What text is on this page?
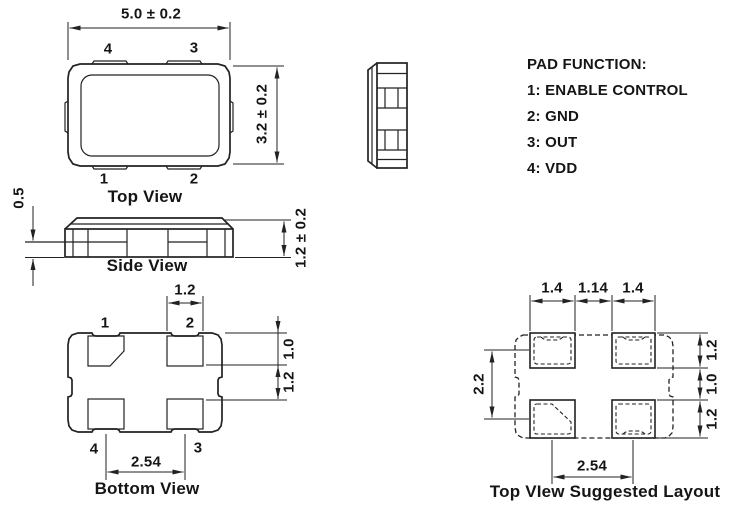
5.0 ± 0.2
3.2 ± 0.2
4	3
1	2
Top View
0.5
1.2 ± 0.2
Side View
PAD FUNCTION:
1: ENABLE CONTROL
2: GND
3: OUT
4: VDD
1.2
1	2
1.0
1.2
4	3
2.54
Bottom View
1.4 1.14 1.4
2.2
1.2
1.0
1.2
2.54
Top VIew Suggested Layout
